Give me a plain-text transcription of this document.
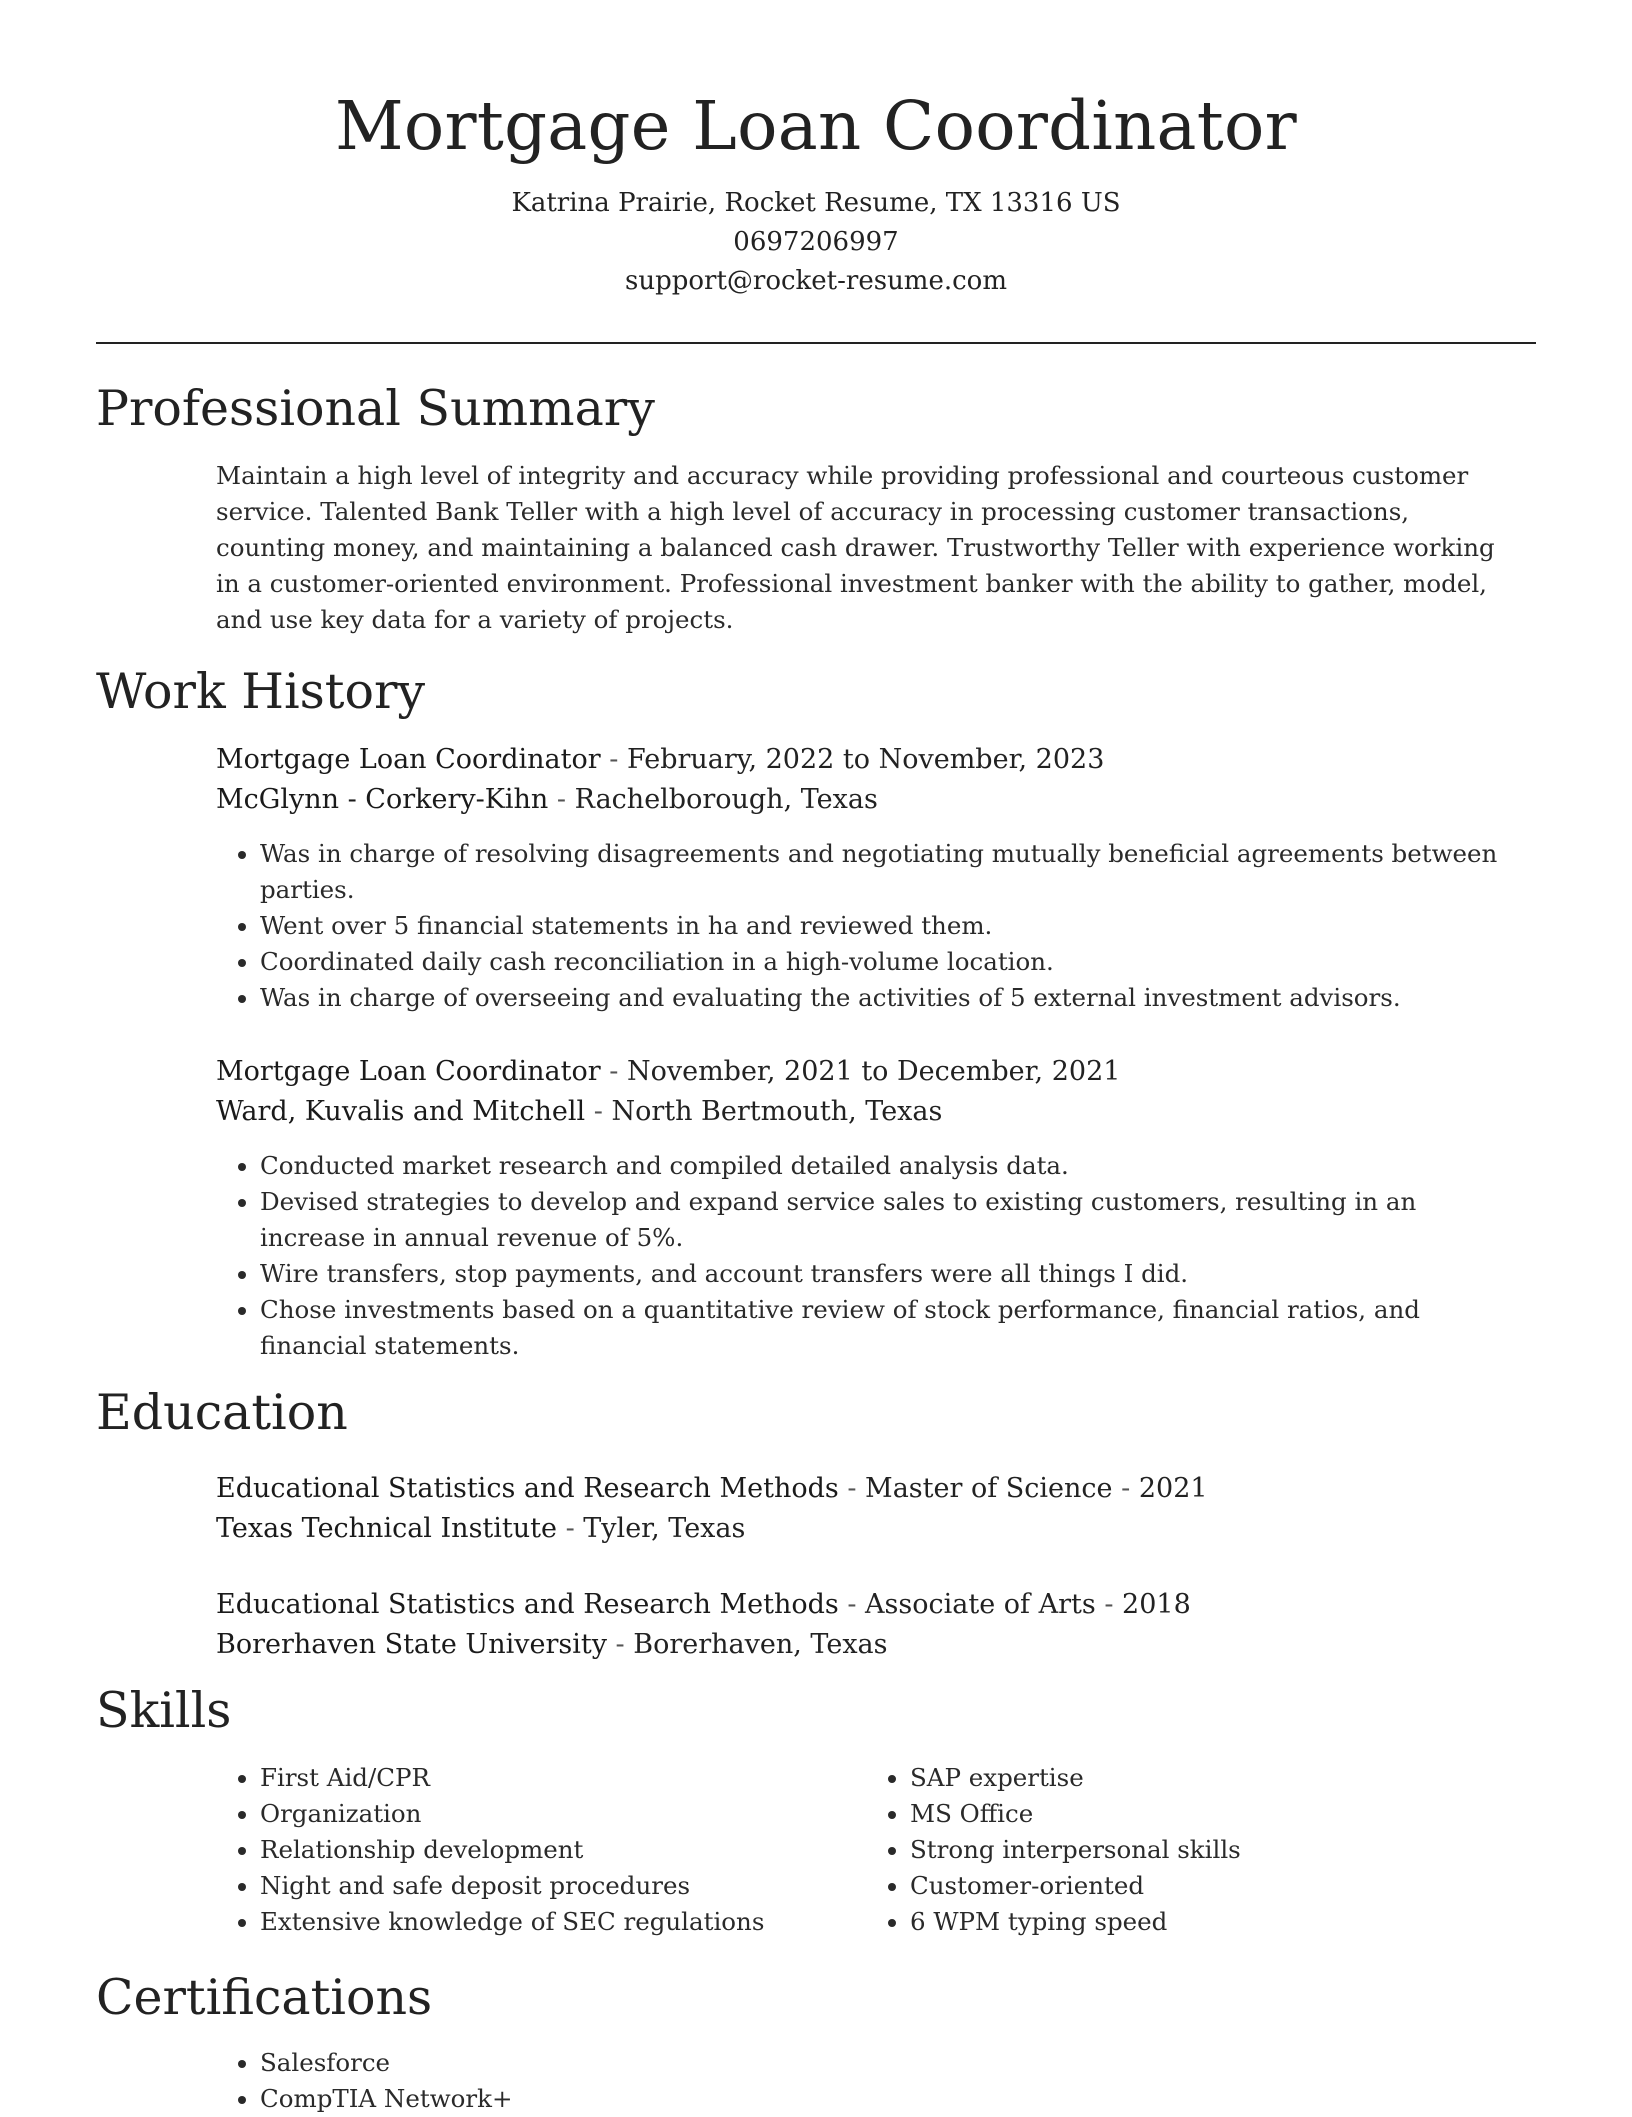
Mortgage Loan Coordinator
Katrina Prairie, Rocket Resume, TX 13316 US
0697206997
support@rocket-resume.com
Professional Summary

Maintain a high level of integrity and accuracy while providing professional and courteous customer service. Talented Bank Teller with a high level of accuracy in processing customer transactions, counting money, and maintaining a balanced cash drawer. Trustworthy Teller with experience working in a customer-oriented environment. Professional investment banker with the ability to gather, model, and use key data for a variety of projects.

Work History
Mortgage Loan Coordinator - February, 2022 to November, 2023
McGlynn - Corkery-Kihn - Rachelborough, Texas
• Was in charge of resolving disagreements and negotiating mutually beneficial agreements between parties.
• Went over 5 financial statements in ha and reviewed them.
• Coordinated daily cash reconciliation in a high-volume location.
• Was in charge of overseeing and evaluating the activities of 5 external investment advisors.
Mortgage Loan Coordinator - November, 2021 to December, 2021
Ward, Kuvalis and Mitchell - North Bertmouth, Texas
• Conducted market research and compiled detailed analysis data.
• Devised strategies to develop and expand service sales to existing customers, resulting in an increase in annual revenue of 5%.
• Wire transfers, stop payments, and account transfers were all things I did.
• Chose investments based on a quantitative review of stock performance, financial ratios, and financial statements.
Education
Educational Statistics and Research Methods - Master of Science - 2021
Texas Technical Institute - Tyler, Texas
Educational Statistics and Research Methods - Associate of Arts - 2018
Borerhaven State University - Borerhaven, Texas
Skills
• First Aid/CPR
• Organization
• Relationship development
• Night and safe deposit procedures
• Extensive knowledge of SEC regulations
• SAP expertise
• MS Office
• Strong interpersonal skills
• Customer-oriented
• 6 WPM typing speed
Certifications
• Salesforce
• CompTIA Network+
